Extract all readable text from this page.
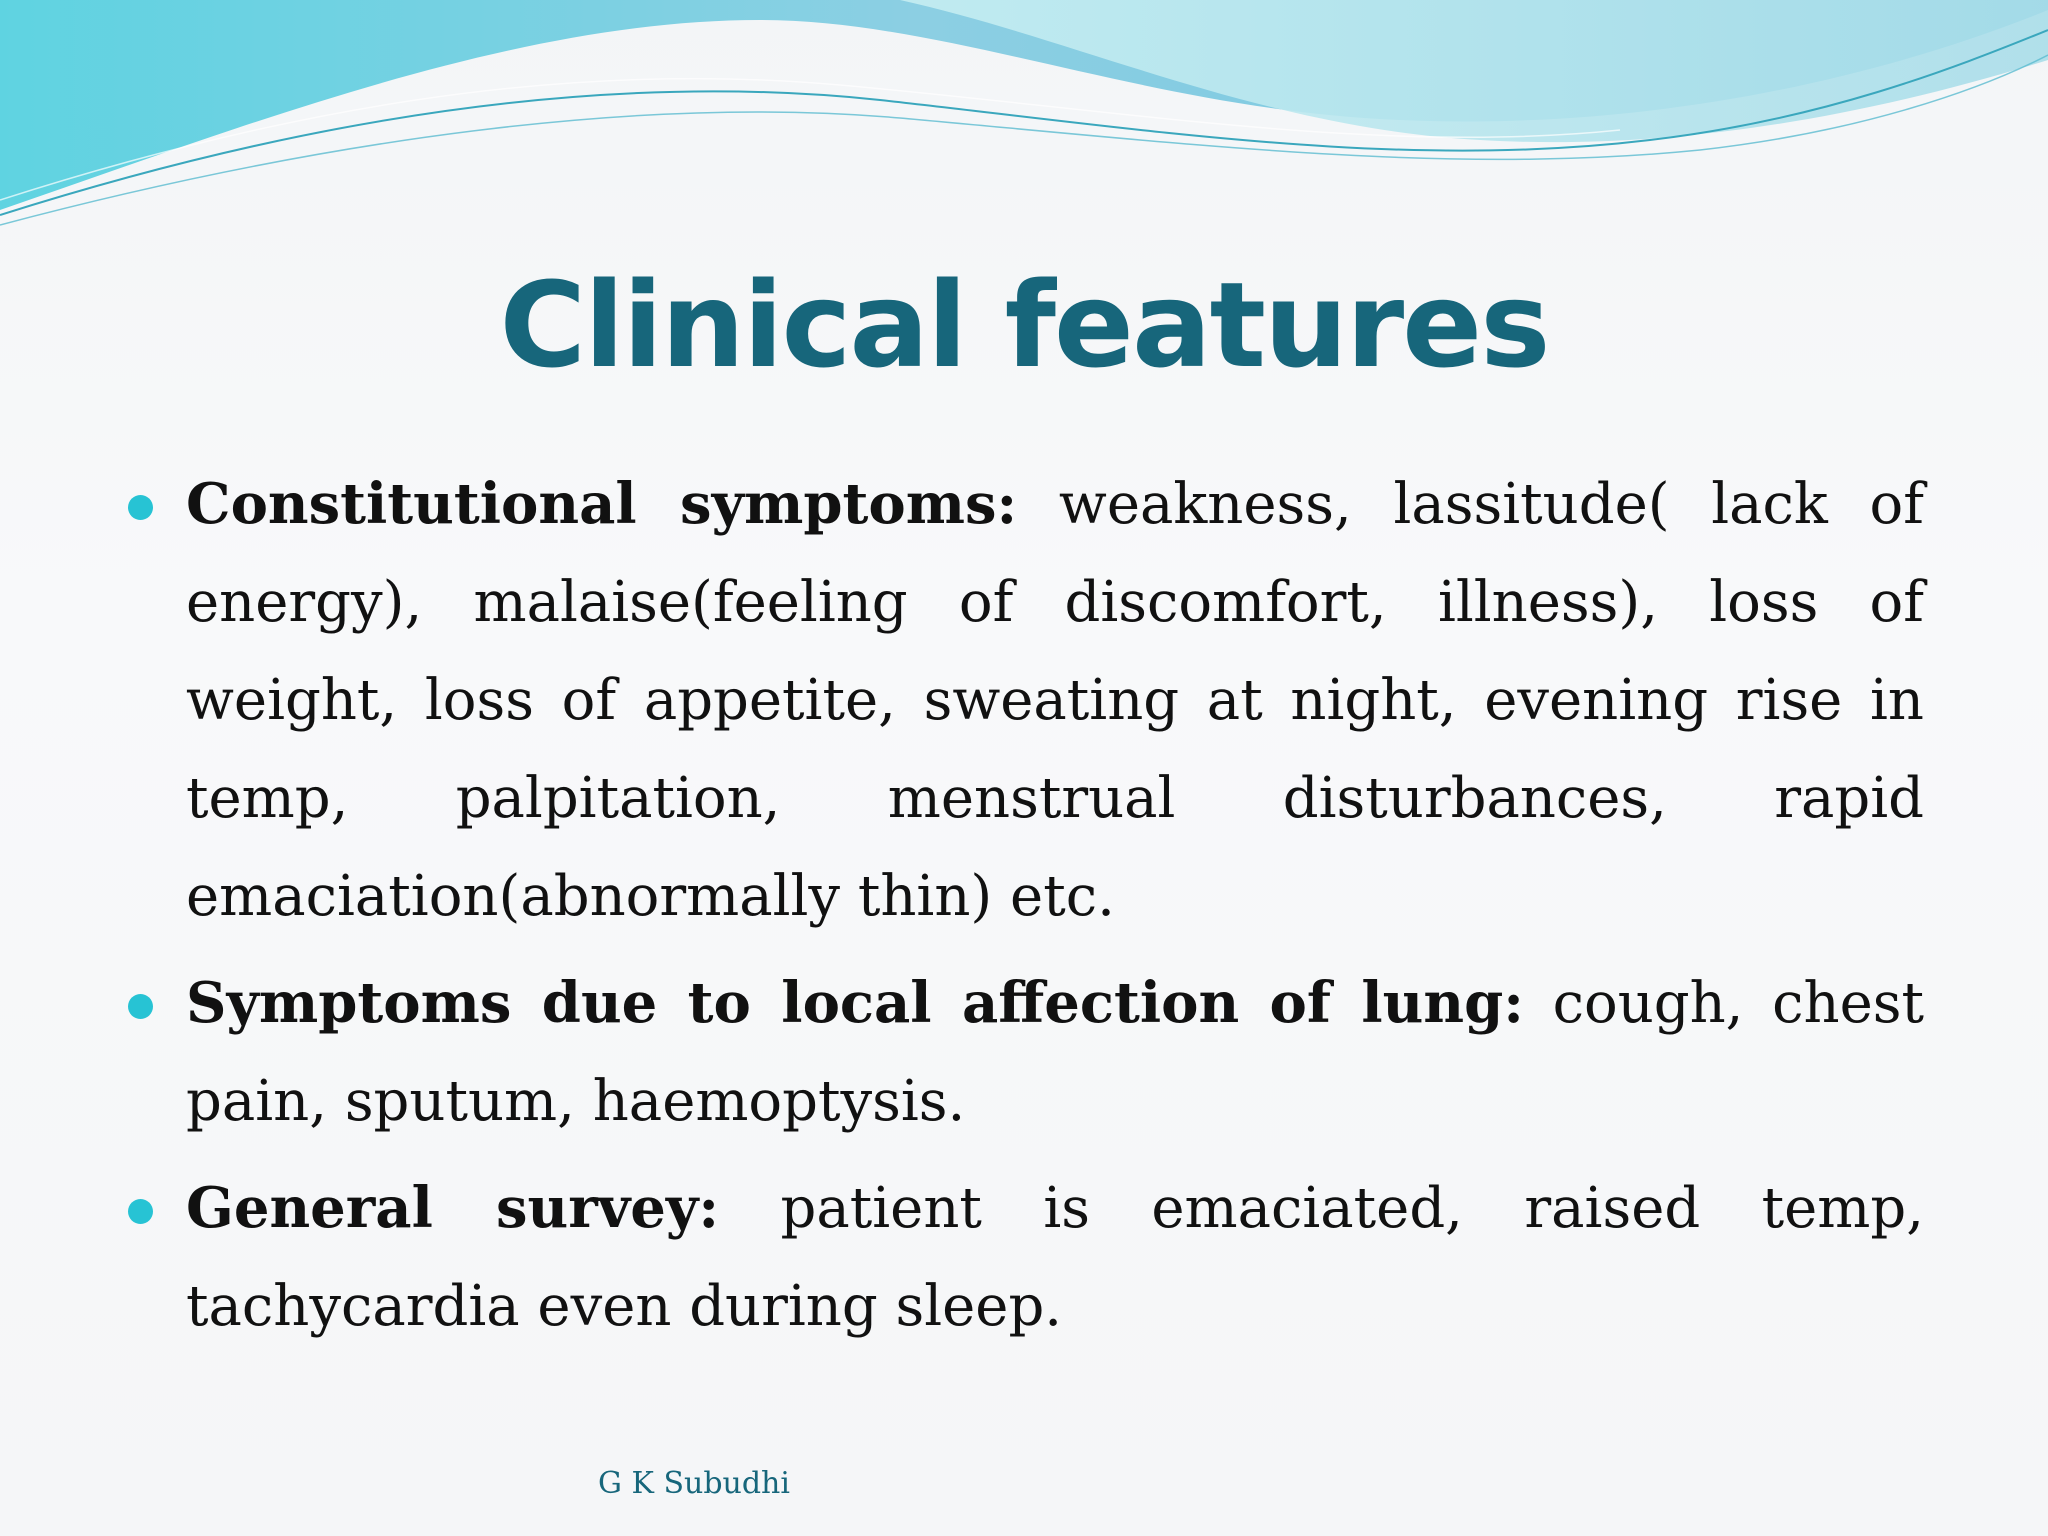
Clinical features

Constitutional symptoms: weakness, lassitude( lack of energy), malaise(feeling of discomfort, illness), loss of weight, loss of appetite, sweating at night, evening rise in temp, palpitation, menstrual disturbances, rapid emaciation(abnormally thin) etc.

Symptoms due to local affection of lung: cough, chest pain, sputum, haemoptysis.

General survey: patient is emaciated, raised temp, tachycardia even during sleep.

G K Subudhi
